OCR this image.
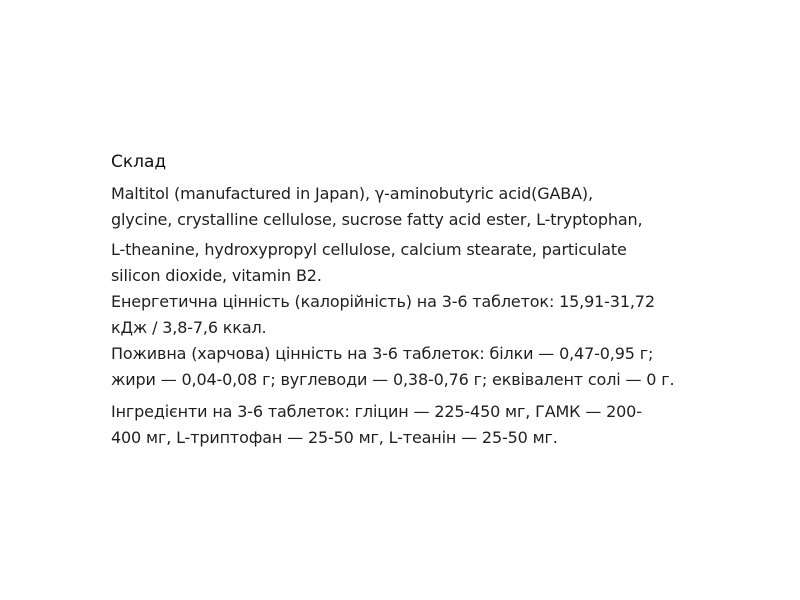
Склад
Maltitol (manufactured in Japan), γ-aminobutyric acid(GABA),
glycine, crystalline cellulose, sucrose fatty acid ester, L-tryptophan,
L-theanine, hydroxypropyl cellulose, calcium stearate, particulate
silicon dioxide, vitamin B2.
Енергетична цінність (калорійність) на 3-6 таблеток: 15,91-31,72
кДж / 3,8-7,6 ккал.
Поживна (харчова) цінність на 3-6 таблеток: білки — 0,47-0,95 г;
жири — 0,04-0,08 г; вуглеводи — 0,38-0,76 г; еквівалент солі — 0 г.
Інгредієнти на 3-6 таблеток: гліцин — 225-450 мг, ГАМК — 200-
400 мг, L-триптофан — 25-50 мг, L-теанін — 25-50 мг.
